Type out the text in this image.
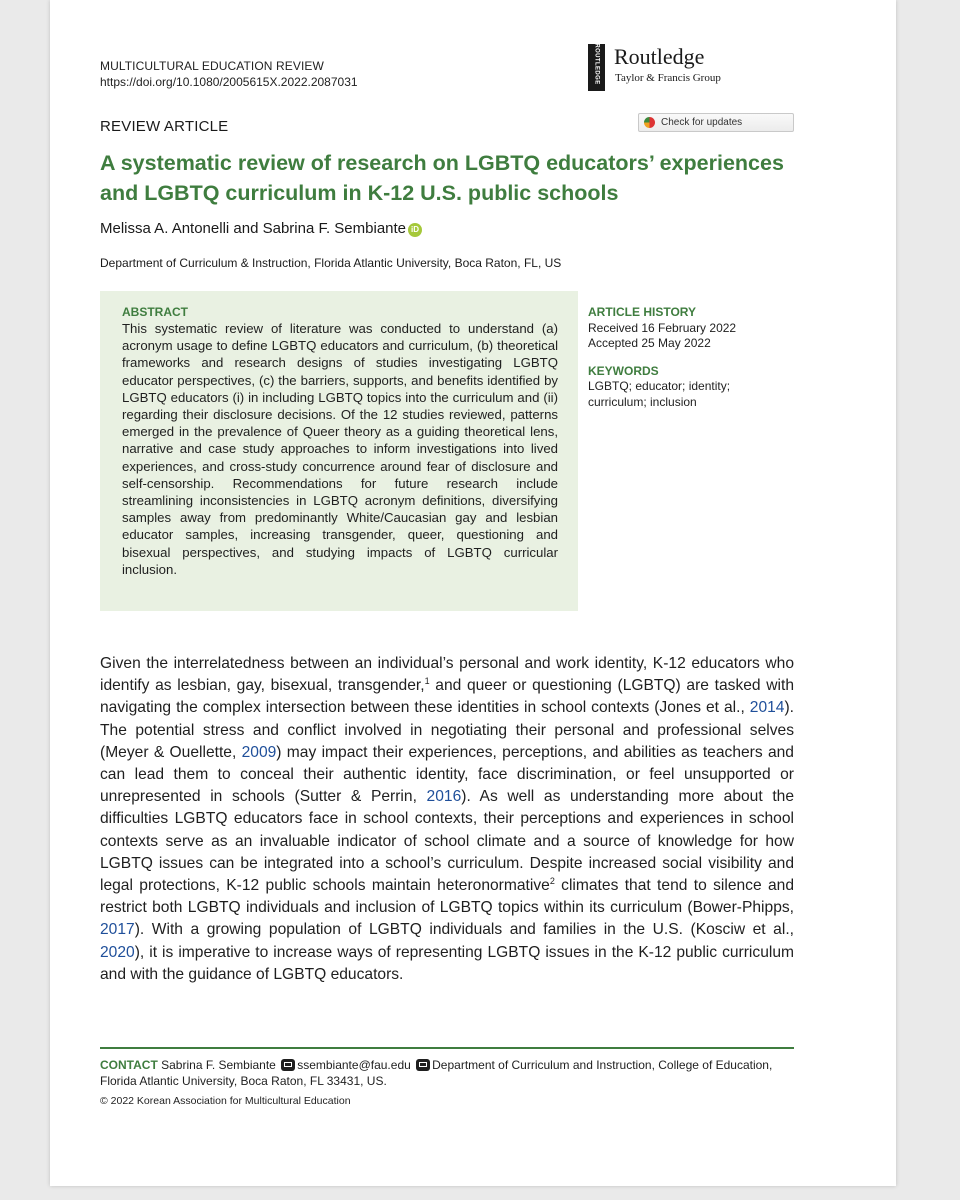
MULTICULTURAL EDUCATION REVIEW
https://doi.org/10.1080/2005615X.2022.2087031	ROUTLEDGE Routledge
Taylor & Francis Group
REVIEW ARTICLE	Check for updates
A systematic review of research on LGBTQ educators’ experiences and LGBTQ curriculum in K-12 U.S. public schools
Melissa A. Antonelli and Sabrina F. Sembiante iD
Department of Curriculum & Instruction, Florida Atlantic University, Boca Raton, FL, US
ABSTRACT
This systematic review of literature was conducted to understand (a) acronym usage to define LGBTQ educators and curriculum, (b) theoretical frameworks and research designs of studies investigating LGBTQ educator perspectives, (c) the barriers, supports, and benefits identified by LGBTQ educators (i) in including LGBTQ topics into the curriculum and (ii) regarding their disclosure decisions. Of the 12 studies reviewed, patterns emerged in the prevalence of Queer theory as a guiding theoretical lens, narrative and case study approaches to inform investigations into lived experiences, and cross-study concurrence around fear of disclosure and self-censorship. Recommendations for future research include streamlining inconsistencies in LGBTQ acronym definitions, diversifying samples away from predominantly White/Caucasian gay and lesbian educator samples, increasing transgender, queer, questioning and bisexual perspectives, and studying impacts of LGBTQ curricular inclusion.
ARTICLE HISTORY
Received 16 February 2022
Accepted 25 May 2022
KEYWORDS
LGBTQ; educator; identity; curriculum; inclusion

Given the interrelatedness between an individual’s personal and work identity, K-12 educators who identify as lesbian, gay, bisexual, transgender,$^1$ and queer or questioning (LGBTQ) are tasked with navigating the complex intersection between these identities in school contexts (Jones et al., 2014). The potential stress and conflict involved in negotiating their personal and professional selves (Meyer & Ouellette, 2009) may impact their experiences, perceptions, and abilities as teachers and can lead them to conceal their authentic identity, face discrimination, or feel unsupported or unrepresented in schools (Sutter & Perrin, 2016). As well as understanding more about the difficulties LGBTQ educators face in school contexts, their perceptions and experiences in school contexts serve as an invaluable indicator of school climate and a source of knowledge for how LGBTQ issues can be integrated into a school’s curriculum. Despite increased social visibility and legal protections, K-12 public schools maintain heteronormative$^2$ climates that tend to silence and restrict both LGBTQ individuals and inclusion of LGBTQ topics within its curriculum (Bower-Phipps, 2017). With a growing population of LGBTQ individuals and families in the U.S. (Kosciw et al., 2020), it is imperative to increase ways of representing LGBTQ issues in the K-12 public curriculum and with the guidance of LGBTQ educators.

CONTACT Sabrina F. Sembiante ssembiante@fau.edu Department of Curriculum and Instruction, College of Education, Florida Atlantic University, Boca Raton, FL 33431, US.
© 2022 Korean Association for Multicultural Education
